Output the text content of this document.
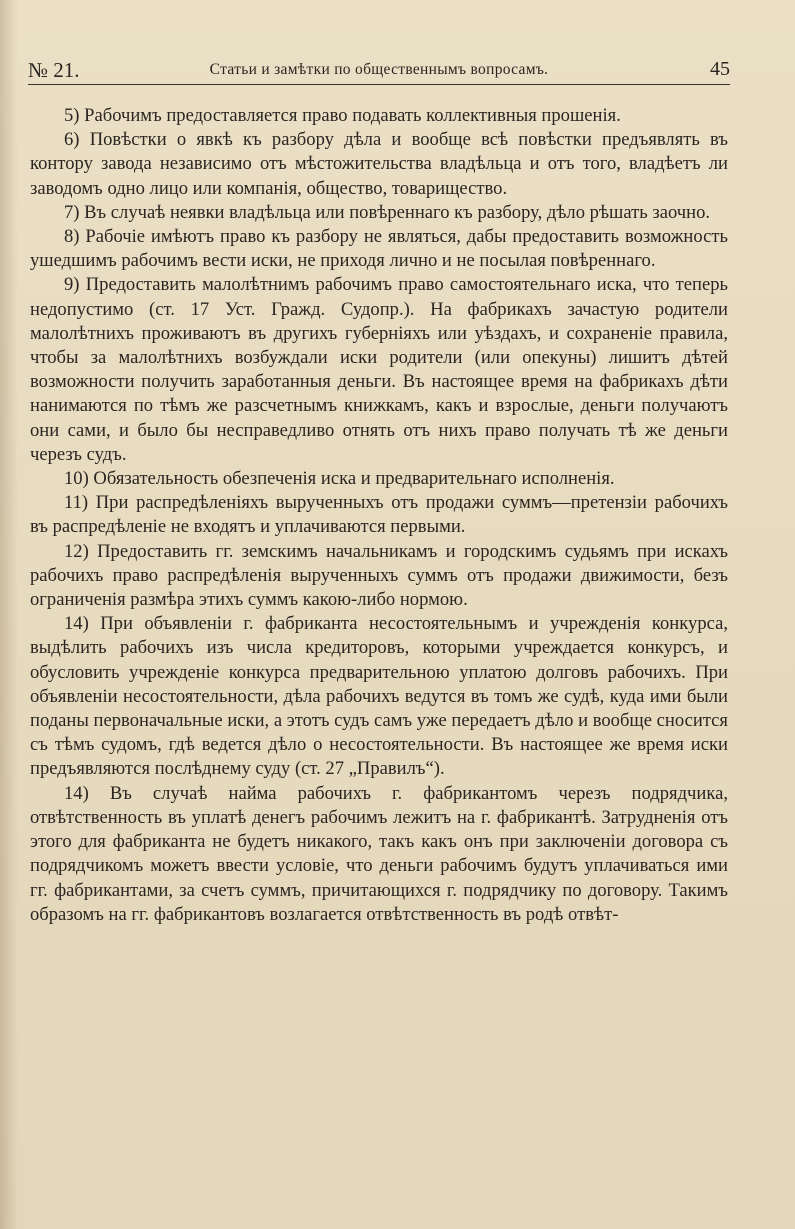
№ 21.	Статьи и замѣтки по общественнымъ вопросамъ.	45

5) Рабочимъ предоставляется право подавать коллективныя прошенія.

6) Повѣстки о явкѣ къ разбору дѣла и вообще всѣ повѣстки предъявлять въ контору завода независимо отъ мѣстожительства владѣльца и отъ того, владѣетъ ли заводомъ одно лицо или компанія, общество, товарищество.

7) Въ случаѣ неявки владѣльца или повѣреннаго къ разбору, дѣло рѣшать заочно.

8) Рабочіе имѣютъ право къ разбору не являться, дабы предоставить возможность ушедшимъ рабочимъ вести иски, не приходя лично и не посылая повѣреннаго.

9) Предоставить малолѣтнимъ рабочимъ право самостоятельнаго иска, что теперь недопустимо (ст. 17 Уст. Гражд. Судопр.). На фабрикахъ зачастую родители малолѣтнихъ проживаютъ въ другихъ губерніяхъ или уѣздахъ, и сохраненіе правила, чтобы за малолѣтнихъ возбуждали иски родители (или опекуны) лишитъ дѣтей возможности получить заработанныя деньги. Въ настоящее время на фабрикахъ дѣти нанимаются по тѣмъ же разсчетнымъ книжкамъ, какъ и взрослые, деньги получаютъ они сами, и было бы несправедливо отнять отъ нихъ право получать тѣ же деньги черезъ судъ.

10) Обязательность обезпеченія иска и предварительнаго исполненія.

11) При распредѣленіяхъ вырученныхъ отъ продажи суммъ—претензіи рабочихъ въ распредѣленіе не входятъ и уплачиваются первыми.

12) Предоставить гг. земскимъ начальникамъ и городскимъ судьямъ при искахъ рабочихъ право распредѣленія вырученныхъ суммъ отъ продажи движимости, безъ ограниченія размѣра этихъ суммъ какою-либо нормою.

14) При объявленіи г. фабриканта несостоятельнымъ и учрежденія конкурса, выдѣлить рабочихъ изъ числа кредиторовъ, которыми учреждается конкурсъ, и обусловить учрежденіе конкурса предварительною уплатою долговъ рабочихъ. При объявленіи несостоятельности, дѣла рабочихъ ведутся въ томъ же судѣ, куда ими были поданы первоначальные иски, а этотъ судъ самъ уже передаетъ дѣло и вообще сносится съ тѣмъ судомъ, гдѣ ведется дѣло о несостоятельности. Въ настоящее же время иски предъявляются послѣднему суду (ст. 27 „Правилъ“).

14) Въ случаѣ найма рабочихъ г. фабрикантомъ черезъ подрядчика, отвѣтственность въ уплатѣ денегъ рабочимъ лежитъ на г. фабрикантѣ. Затрудненія отъ этого для фабриканта не будетъ никакого, такъ какъ онъ при заключеніи договора съ подрядчикомъ можетъ ввести условіе, что деньги рабочимъ будутъ уплачиваться ими гг. фабрикантами, за счетъ суммъ, причитающихся г. подрядчику по договору. Такимъ образомъ на гг. фабрикантовъ возлагается отвѣтственность въ родѣ отвѣт-
